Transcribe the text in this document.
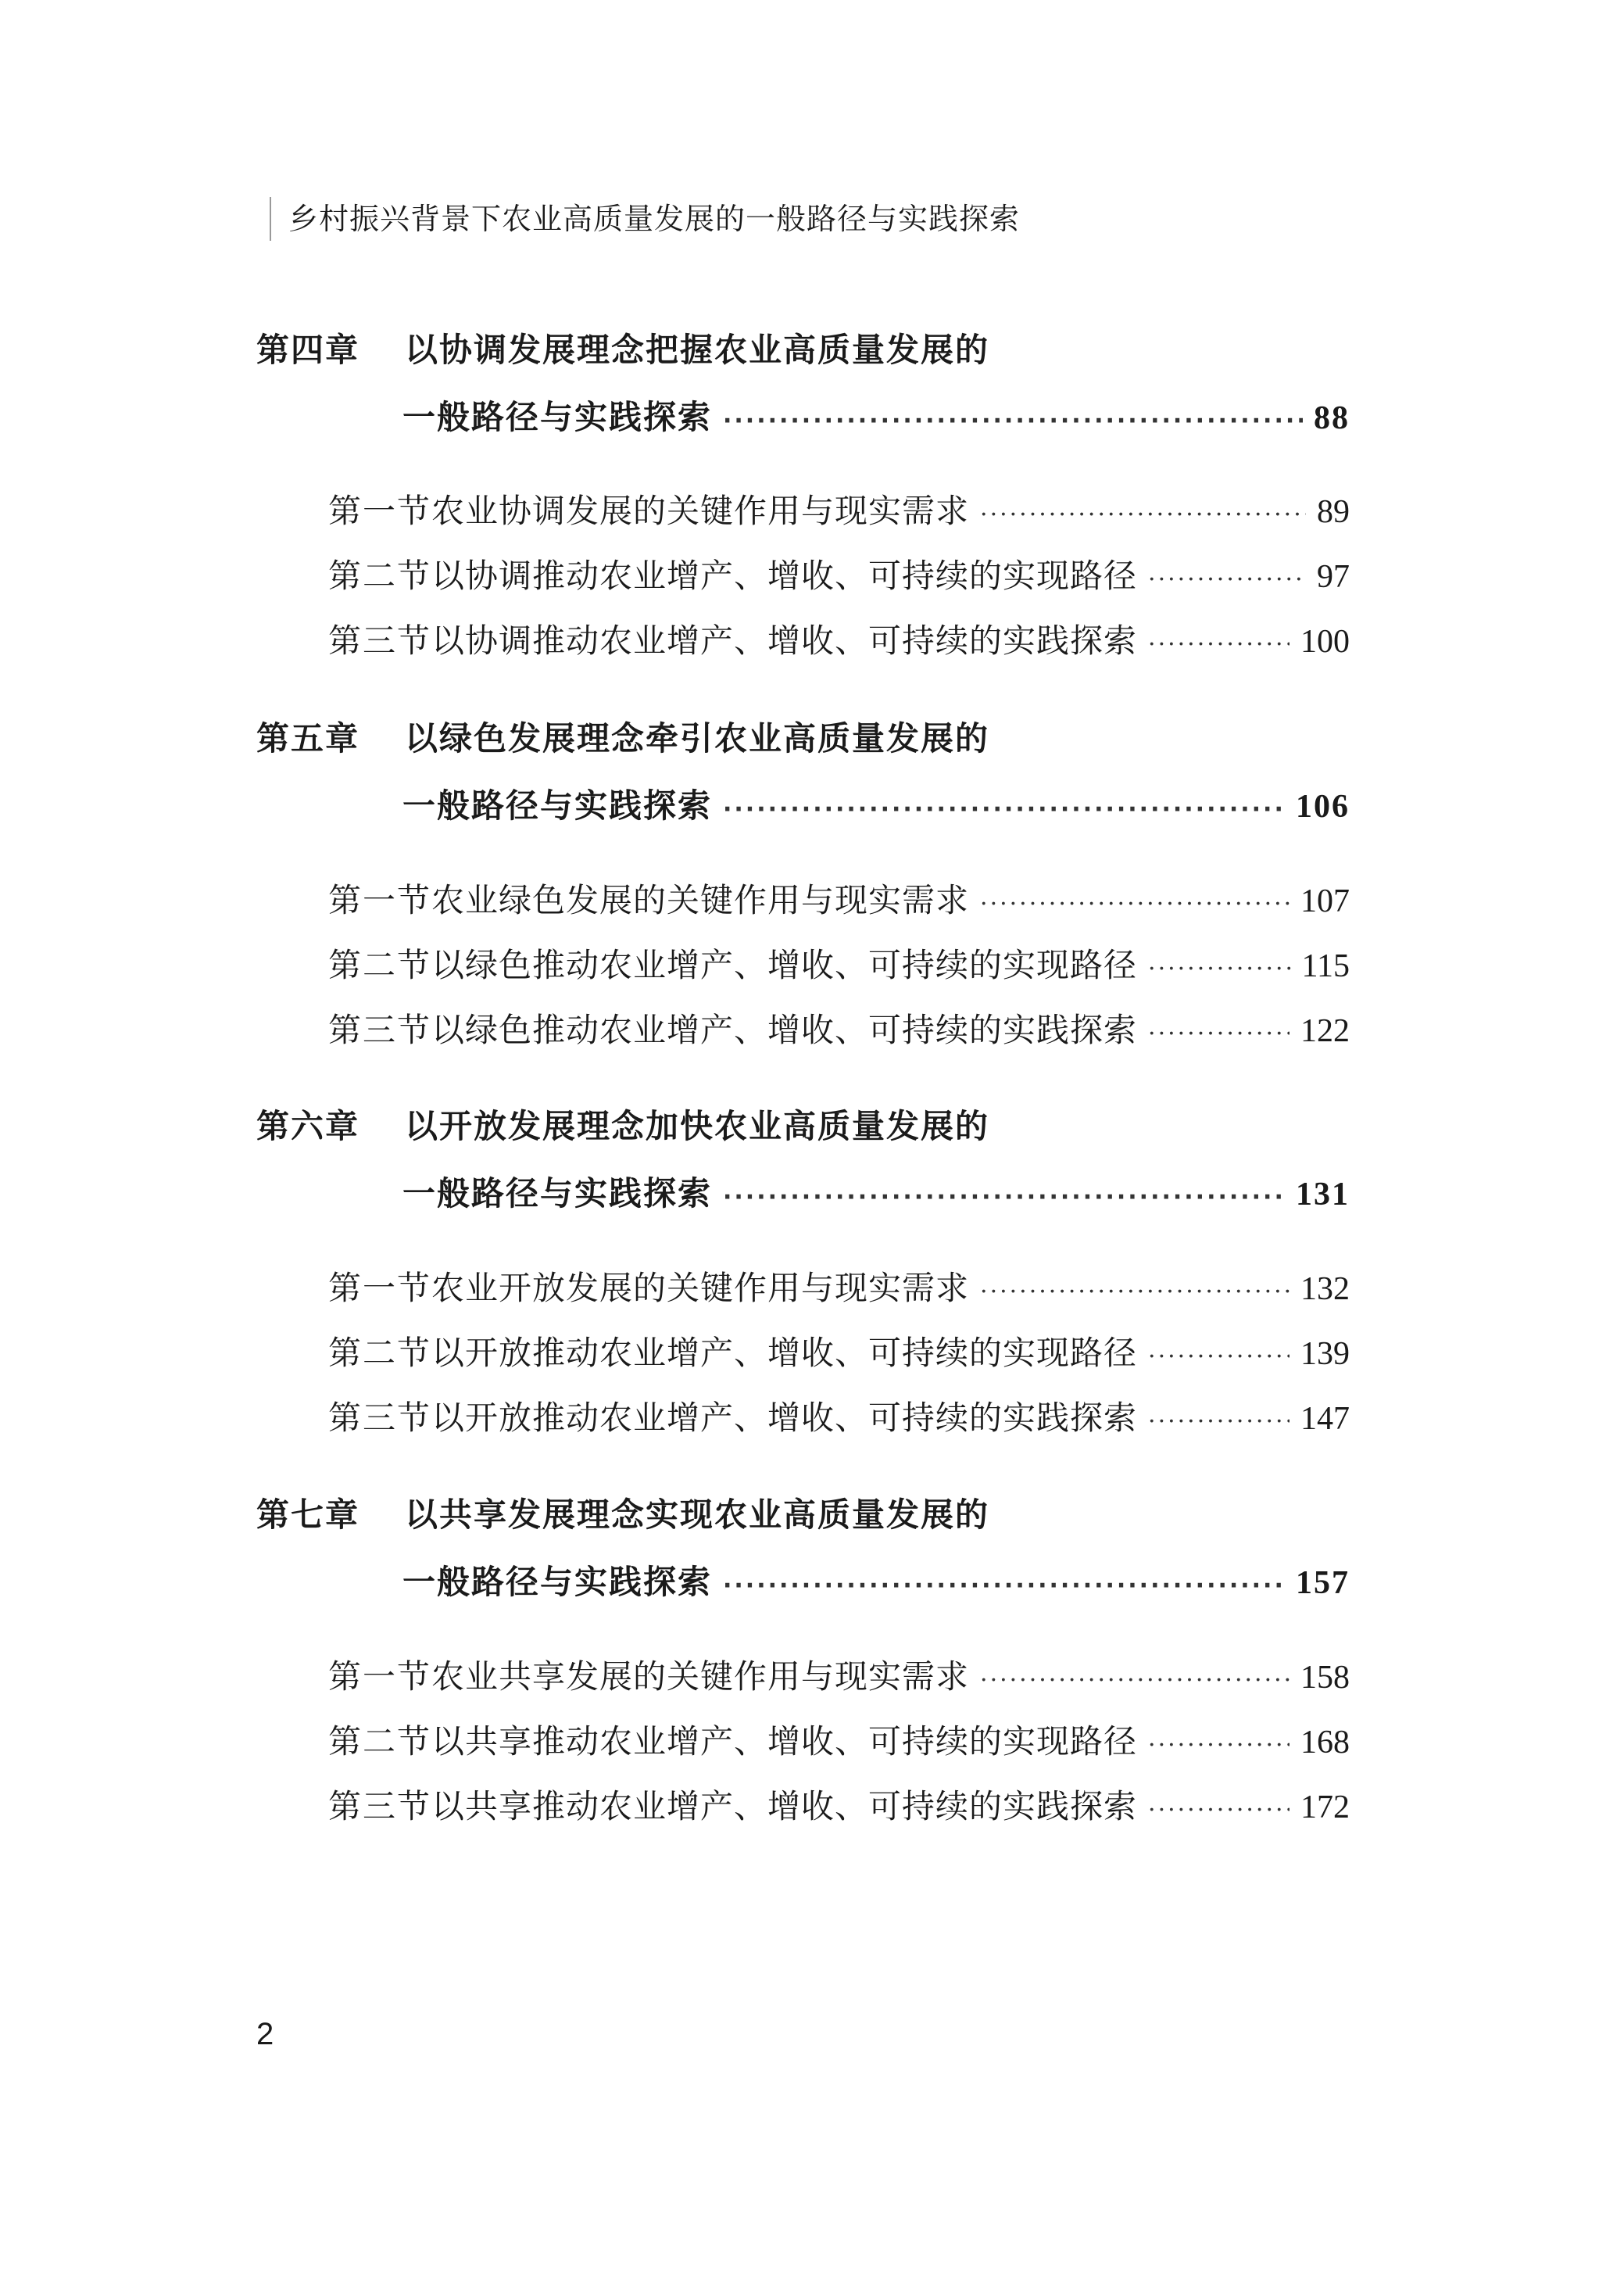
乡村振兴背景下农业高质量发展的一般路径与实践探索
第四章 以协调发展理念把握农业高质量发展的
一般路径与实践探索 ·····	88
第一节 农业协调发展的关键作用与现实需求 ·····	89
第二节 以协调推动农业增产、增收、可持续的实现路径 ·····	97
第三节 以协调推动农业增产、增收、可持续的实践探索 ·····	100
第五章 以绿色发展理念牵引农业高质量发展的
一般路径与实践探索 ·····	106
第一节 农业绿色发展的关键作用与现实需求 ·····	107
第二节 以绿色推动农业增产、增收、可持续的实现路径 ·····	115
第三节 以绿色推动农业增产、增收、可持续的实践探索 ·····	122
第六章 以开放发展理念加快农业高质量发展的
一般路径与实践探索 ·····	131
第一节 农业开放发展的关键作用与现实需求 ·····	132
第二节 以开放推动农业增产、增收、可持续的实现路径 ·····	139
第三节 以开放推动农业增产、增收、可持续的实践探索 ·····	147
第七章 以共享发展理念实现农业高质量发展的
一般路径与实践探索 ·····	157
第一节 农业共享发展的关键作用与现实需求 ·····	158
第二节 以共享推动农业增产、增收、可持续的实现路径 ·····	168
第三节 以共享推动农业增产、增收、可持续的实践探索 ·····	172
2
